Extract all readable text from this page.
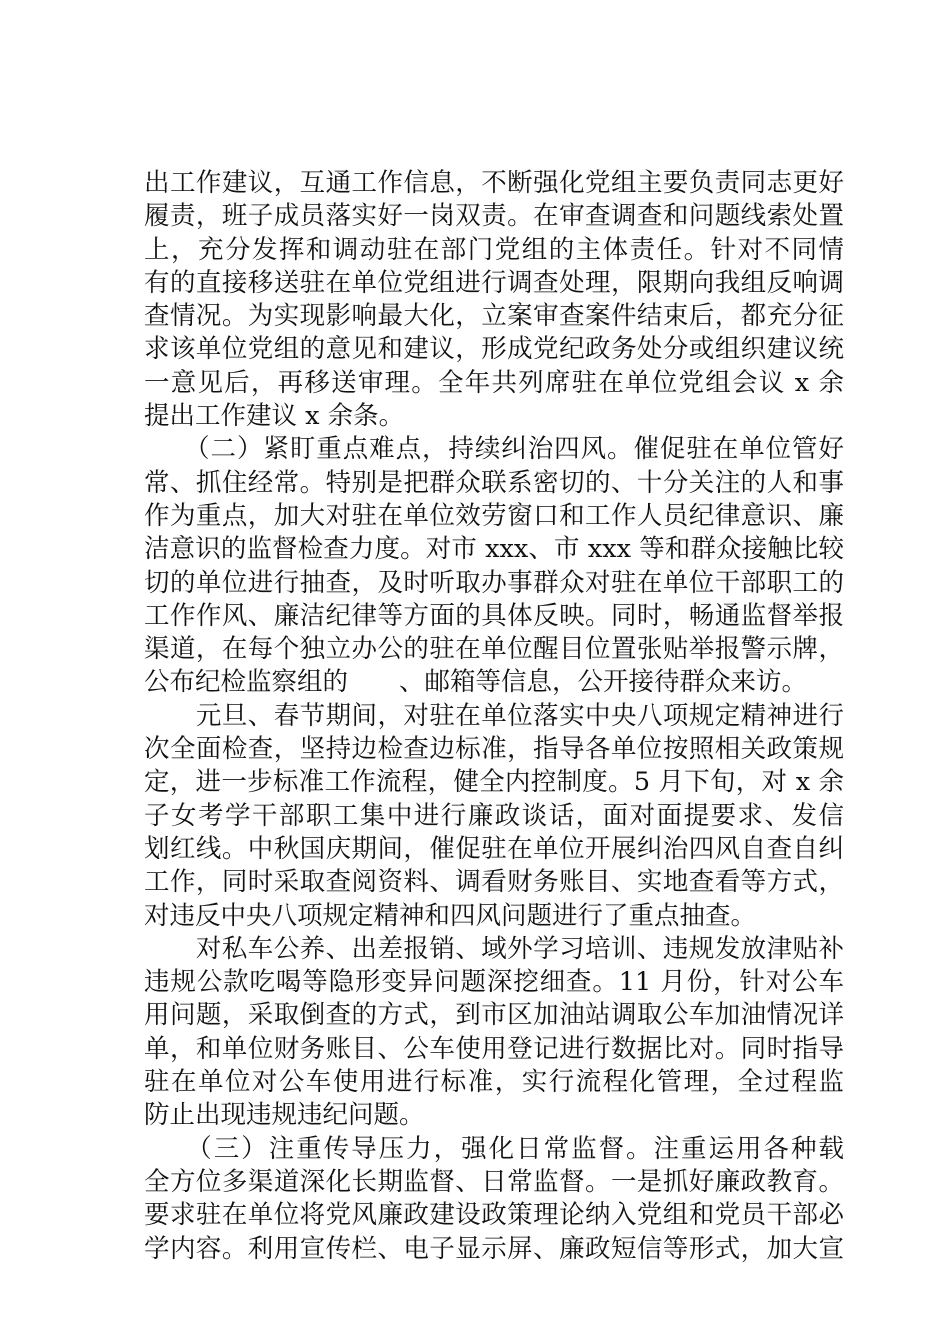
出工作建议，互通工作信息，不断强化党组主要负责同志更好
履责，班子成员落实好一岗双责。在审查调查和问题线索处置
上，充分发挥和调动驻在部门党组的主体责任。针对不同情
有的直接移送驻在单位党组进行调查处理，限期向我组反响调
查情况。为实现影响最大化，立案审查案件结束后，都充分征
求该单位党组的意见和建议，形成党纪政务处分或组织建议统
一意见后，再移送审理。全年共列席驻在单位党组会议 x 余
提出工作建议 x 余条。
　　（二）紧盯重点难点，持续纠治四风。催促驻在单位管好
常、抓住经常。特别是把群众联系密切的、十分关注的人和事
作为重点，加大对驻在单位效劳窗口和工作人员纪律意识、廉
洁意识的监督检查力度。对市 xxx、市 xxx 等和群众接触比较
切的单位进行抽查，及时听取办事群众对驻在单位干部职工的
工作作风、廉洁纪律等方面的具体反映。同时，畅通监督举报
渠道，在每个独立办公的驻在单位醒目位置张贴举报警示牌，
公布纪检监察组的　　、邮箱等信息，公开接待群众来访。
　　元旦、春节期间，对驻在单位落实中央八项规定精神进行
次全面检查，坚持边检查边标准，指导各单位按照相关政策规
定，进一步标准工作流程，健全内控制度。5 月下旬，对 x 余
子女考学干部职工集中进行廉政谈话，面对面提要求、发信
划红线。中秋国庆期间，催促驻在单位开展纠治四风自查自纠
工作，同时采取查阅资料、调看财务账目、实地查看等方式，
对违反中央八项规定精神和四风问题进行了重点抽查。
　　对私车公养、出差报销、域外学习培训、违规发放津贴补
违规公款吃喝等隐形变异问题深挖细查。11 月份，针对公车
用问题，采取倒查的方式，到市区加油站调取公车加油情况详
单，和单位财务账目、公车使用登记进行数据比对。同时指导
驻在单位对公车使用进行标准，实行流程化管理，全过程监
防止出现违规违纪问题。
　　（三）注重传导压力，强化日常监督。注重运用各种载
全方位多渠道深化长期监督、日常监督。一是抓好廉政教育。
要求驻在单位将党风廉政建设政策理论纳入党组和党员干部必
学内容。利用宣传栏、电子显示屏、廉政短信等形式，加大宣
